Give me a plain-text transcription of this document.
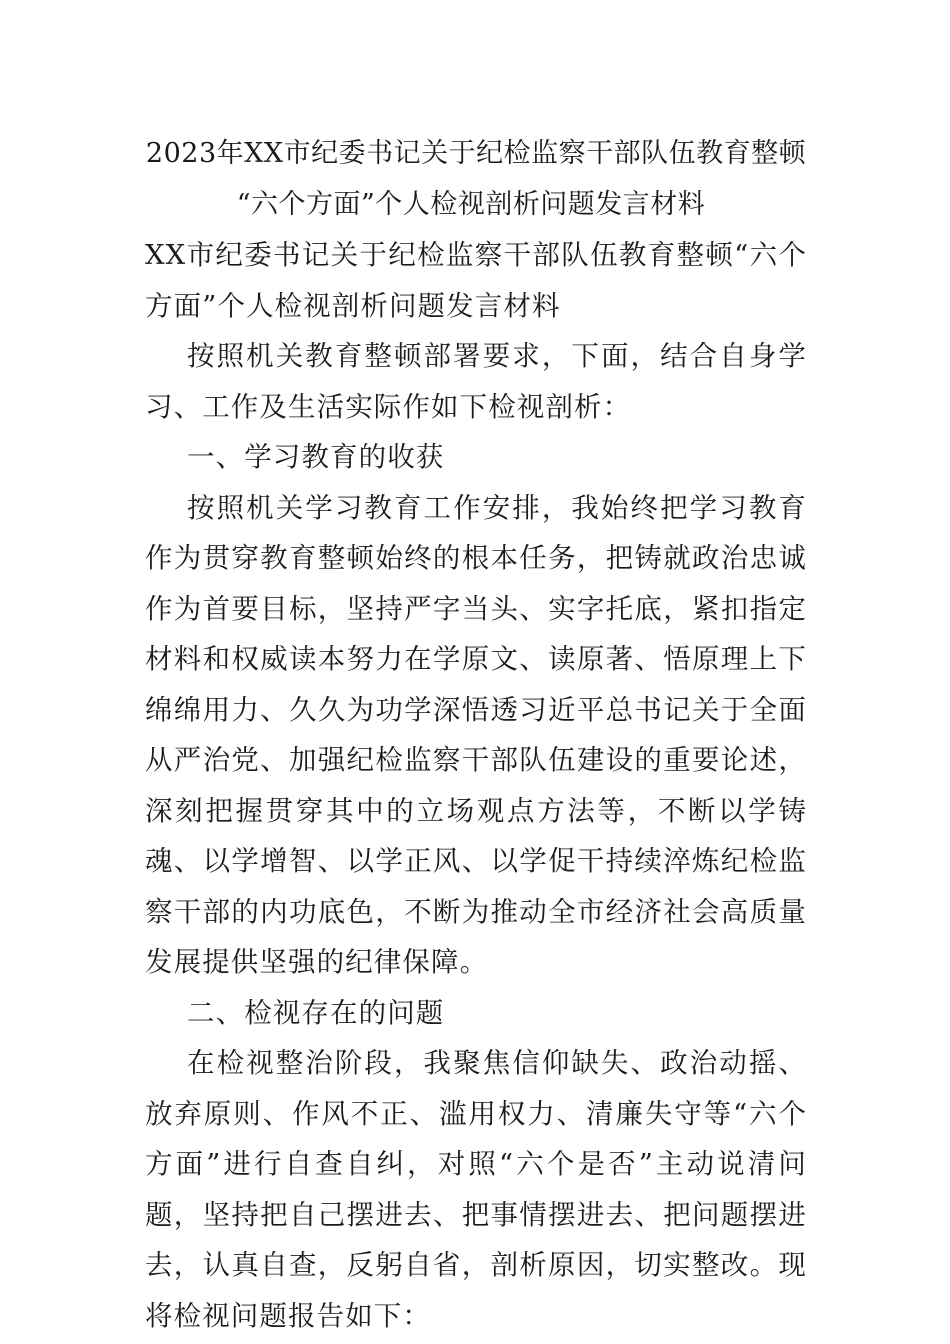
2023年XX市纪委书记关于纪检监察干部队伍教育整顿
“六个方面”个人检视剖析问题发言材料

XX市纪委书记关于纪检监察干部队伍教育整顿“六个方面”个人检视剖析问题发言材料

按照机关教育整顿部署要求，下面，结合自身学习、工作及生活实际作如下检视剖析：

一、学习教育的收获

按照机关学习教育工作安排，我始终把学习教育作为贯穿教育整顿始终的根本任务，把铸就政治忠诚作为首要目标，坚持严字当头、实字托底，紧扣指定材料和权威读本努力在学原文、读原著、悟原理上下绵绵用力、久久为功学深悟透习近平总书记关于全面从严治党、加强纪检监察干部队伍建设的重要论述，深刻把握贯穿其中的立场观点方法等，不断以学铸魂、以学增智、以学正风、以学促干持续淬炼纪检监察干部的内功底色，不断为推动全市经济社会高质量发展提供坚强的纪律保障。

二、检视存在的问题

在检视整治阶段，我聚焦信仰缺失、政治动摇、放弃原则、作风不正、滥用权力、清廉失守等“六个方面”进行自查自纠，对照“六个是否”主动说清问题，坚持把自己摆进去、把事情摆进去、把问题摆进去，认真自查，反躬自省，剖析原因，切实整改。现将检视问题报告如下：
